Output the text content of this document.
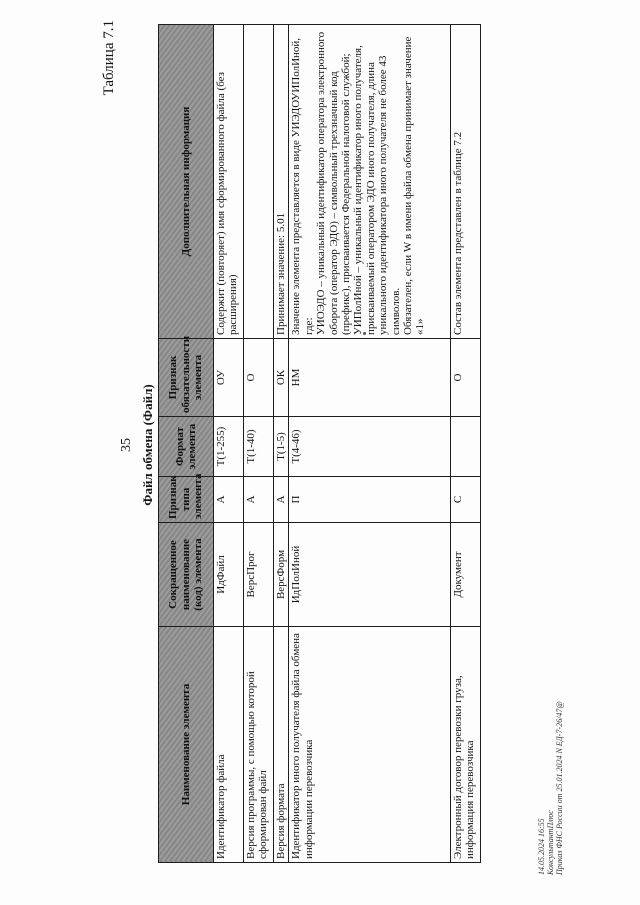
35
Таблица 7.1
Файл обмена (Файл)
Наименование элемента	Сокращенное наименование (код) элемента	Признак типа элемента	Формат элемента	Признак обязательности элемента	Дополнительная информация
Идентификатор файла	ИдФайл	А	Т(1-255)	ОУ	Содержит (повторяет) имя сформированного файла (без расширения)

Версия программы, с помощью которой сформирован файл	ВерсПрог	А	Т(1-40)	О	
Версия формата	ВерсФорм	А	Т(1-5)	ОК	Принимает значение: 5.01

Идентификатор иного получателя файла обмена информации перевозчика	ИдПолИной	П	Т(4-46)	НМ	Значение элемента представляется в виде УИЭДОУИПолИной, где: УИОЭДО – уникальный идентификатор оператора электронного оборота (оператор ЭДО) – символьный трехзначный код (префикс), присваивается Федеральной налоговой службой; УИПолИной – уникальный идентификатор иного получателя, присваиваемый оператором ЭДО иного получателя, длина уникального идентификатора иного получателя не более 43 символов. Обязателен, если W в имени файла обмена принимает значение «1»

Электронный договор перевозки груза, информация перевозчика	Документ	С		О	Состав элемента представлен в таблице 7.2
14.05.2024 16:55 КонсультантПлюс Приказ ФНС России от 25.01.2024 N ЕД-7-26/47@
